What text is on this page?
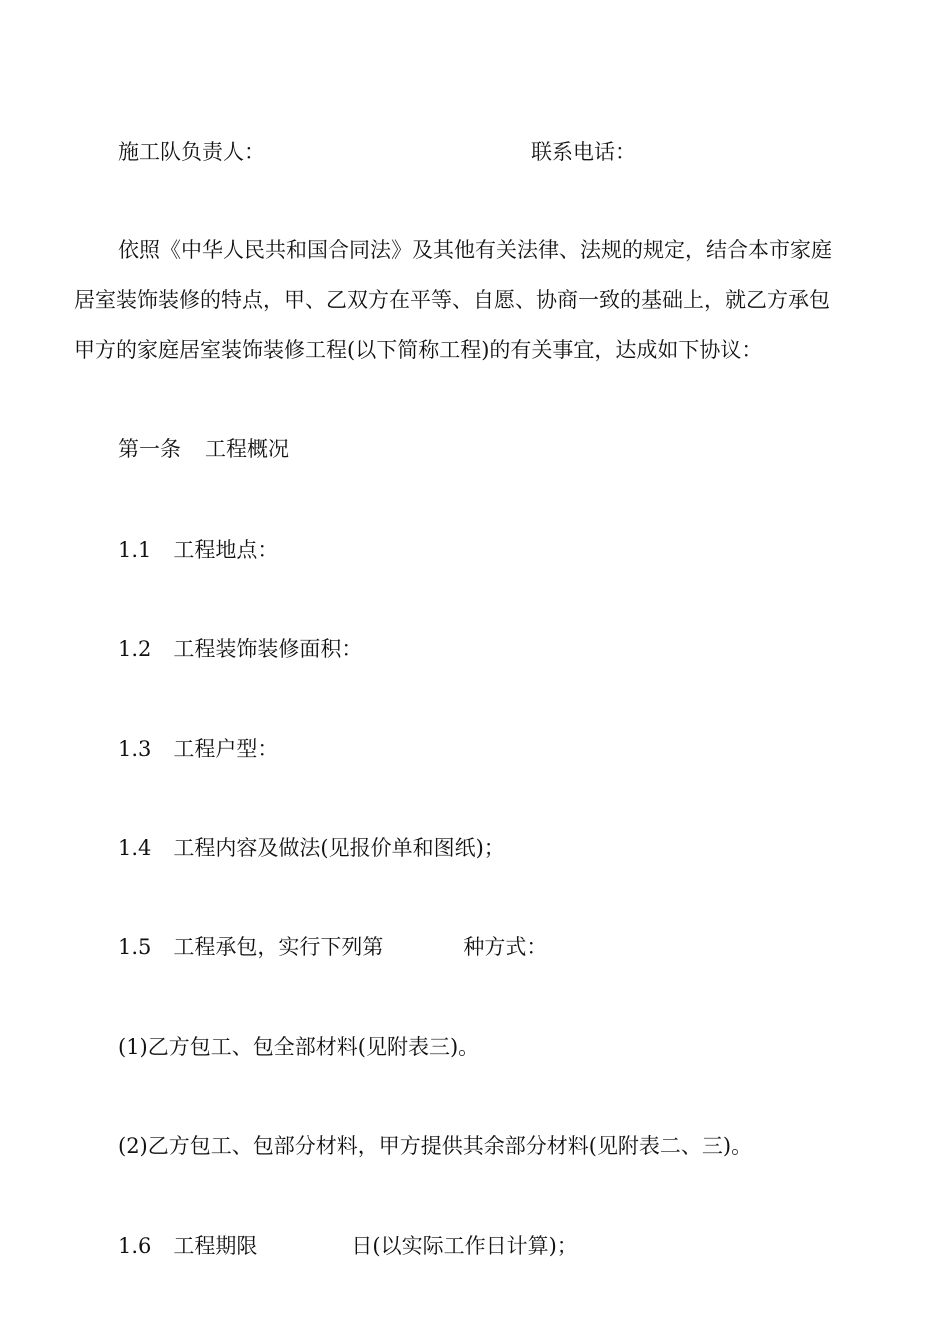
施工队负责人：	联系电话：
依照《中华人民共和国合同法》及其他有关法律、法规的规定，结合本市家庭
居室装饰装修的特点，甲、乙双方在平等、自愿、协商一致的基础上，就乙方承包
甲方的家庭居室装饰装修工程(以下简称工程)的有关事宜，达成如下协议：
第一条 工程概况
1.1 工程地点：
1.2 工程装饰装修面积：
1.3 工程户型：
1.4 工程内容及做法(见报价单和图纸)；
1.5 工程承包，实行下列第	种方式：
(1)乙方包工、包全部材料(见附表三)。
(2)乙方包工、包部分材料，甲方提供其余部分材料(见附表二、三)。
1.6 工程期限	日(以实际工作日计算)；
